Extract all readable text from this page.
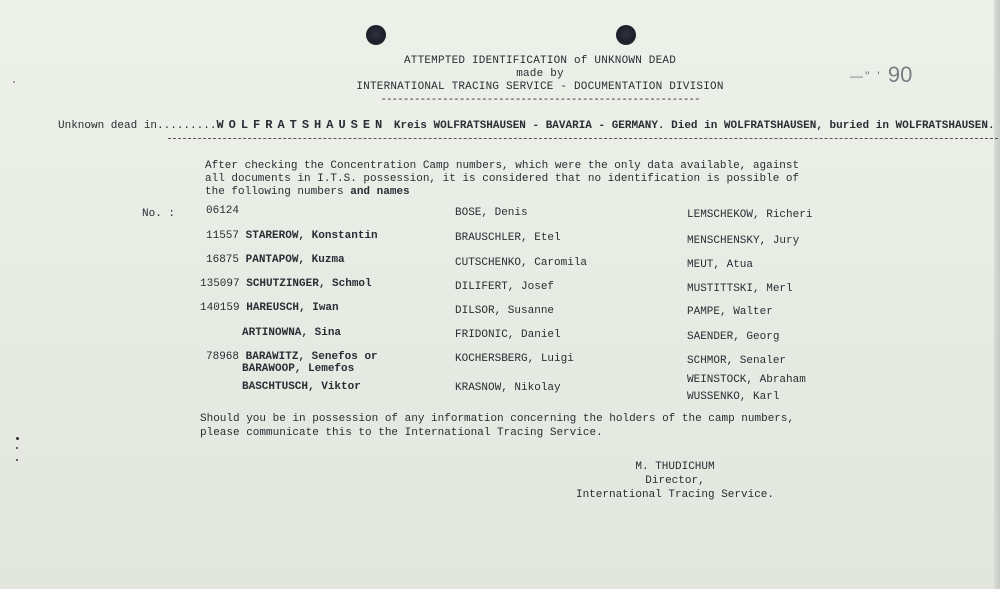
ATTEMPTED IDENTIFICATION of UNKNOWN DEAD
made by
INTERNATIONAL TRACING SERVICE - DOCUMENTATION DIVISION
---------------------------------------------------------
—" ' 90
Unknown dead in.........WOLFRATSHAUSEN Kreis WOLFRATSHAUSEN - BAVARIA - GERMANY. Died in WOLFRATSHAUSEN, buried in WOLFRATSHAUSEN.
After checking the Concentration Camp numbers, which were the only data available, against all documents in I.T.S. possession, it is considered that no identification is possible of the following numbers and names
No. :	06124
11557 STAREROW, Konstantin
16875 PANTAPOW, Kuzma
135097 SCHUTZINGER, Schmol
140159 HAREUSCH, Iwan
ARTINOWNA, Sina
78968 BARAWITZ, Senefos or
BARAWOOP, Lemefos
BASCHTUSCH, Viktor
BOSE, Denis
BRAUSCHLER, Etel
CUTSCHENKO, Caromila
DILIFERT, Josef
DILSOR, Susanne
FRIDONIC, Daniel
KOCHERSBERG, Luigi
KRASNOW, Nikolay
LEMSCHEKOW, Richeri
MENSCHENSKY, Jury
MEUT, Atua
MUSTITTSKI, Merl
PAMPE, Walter
SAENDER, Georg
SCHMOR, Senaler
WEINSTOCK, Abraham
WUSSENKO, Karl
Should you be in possession of any information concerning the holders of the camp numbers, please communicate this to the International Tracing Service.
M. THUDICHUM
Director,
International Tracing Service.
